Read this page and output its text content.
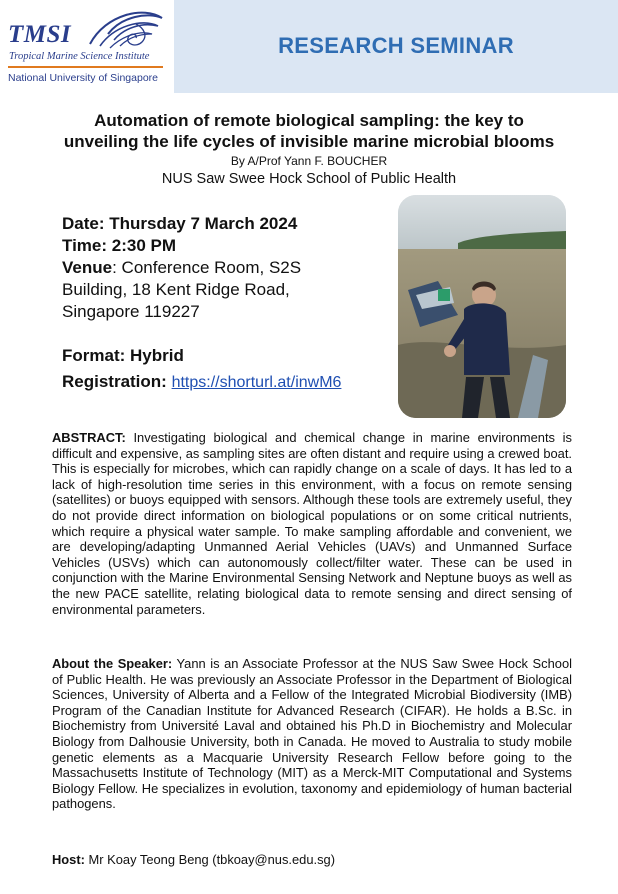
TMSI
Tropical Marine Science Institute
National University of Singapore
RESEARCH SEMINAR
Automation of remote biological sampling: the key to
unveiling the life cycles of invisible marine microbial blooms
By A/Prof Yann F. BOUCHER
NUS Saw Swee Hock School of Public Health
Date: Thursday 7 March 2024
Time: 2:30 PM
Venue: Conference Room, S2S
Building, 18 Kent Ridge Road,
Singapore 119227
Format: Hybrid
Registration: https://shorturl.at/inwM6
ABSTRACT: Investigating biological and chemical change in marine environments is difficult and expensive, as sampling sites are often distant and require using a crewed boat. This is especially for microbes, which can rapidly change on a scale of days. It has led to a lack of high-resolution time series in this environment, with a focus on remote sensing (satellites) or buoys equipped with sensors. Although these tools are extremely useful, they do not provide direct information on biological populations or on some critical nutrients, which require a physical water sample. To make sampling affordable and convenient, we are developing/adapting Unmanned Aerial Vehicles (UAVs) and Unmanned Surface Vehicles (USVs) which can autonomously collect/filter water. These can be used in conjunction with the Marine Environmental Sensing Network and Neptune buoys as well as the new PACE satellite, relating biological data to remote sensing and direct sensing of environmental parameters.
About the Speaker: Yann is an Associate Professor at the NUS Saw Swee Hock School of Public Health. He was previously an Associate Professor in the Department of Biological Sciences, University of Alberta and a Fellow of the Integrated Microbial Biodiversity (IMB) Program of the Canadian Institute for Advanced Research (CIFAR). He holds a B.Sc. in Biochemistry from Université Laval and obtained his Ph.D in Biochemistry and Molecular Biology from Dalhousie University, both in Canada. He moved to Australia to study mobile genetic elements as a Macquarie University Research Fellow before going to the Massachusetts Institute of Technology (MIT) as a Merck-MIT Computational and Systems Biology Fellow. He specializes in evolution, taxonomy and epidemiology of human bacterial pathogens.
Host: Mr Koay Teong Beng (tbkoay@nus.edu.sg)
